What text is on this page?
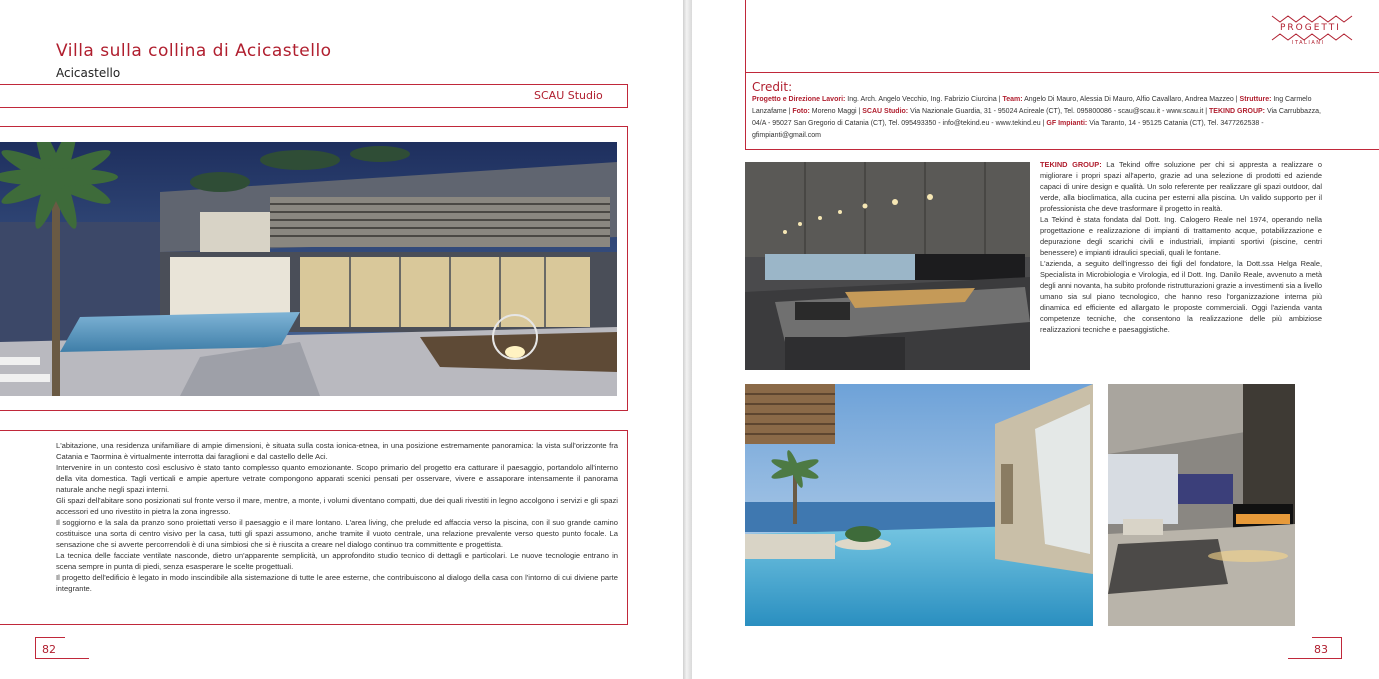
Villa sulla collina di Acicastello
Acicastello
SCAU Studio

L'abitazione, una residenza unifamiliare di ampie dimensioni, è situata sulla costa ionica-etnea, in una posizione estremamente panoramica: la vista sull'orizzonte fra Catania e Taormina è virtualmente interrotta dai faraglioni e dal castello delle Aci.

Intervenire in un contesto così esclusivo è stato tanto complesso quanto emozionante. Scopo primario del progetto era catturare il paesaggio, portandolo all'interno della vita domestica. Tagli verticali e ampie aperture vetrate compongono apparati scenici pensati per osservare, vivere e assaporare intensamente il panorama naturale anche negli spazi interni.

Gli spazi dell'abitare sono posizionati sul fronte verso il mare, mentre, a monte, i volumi diventano compatti, due dei quali rivestiti in legno accolgono i servizi e gli spazi accessori ed uno rivestito in pietra la zona ingresso.

Il soggiorno e la sala da pranzo sono proiettati verso il paesaggio e il mare lontano. L'area living, che prelude ed affaccia verso la piscina, con il suo grande camino costituisce una sorta di centro visivo per la casa, tutti gli spazi assumono, anche tramite il vuoto centrale, una relazione prevalente verso questo punto focale. La sensazione che si avverte percorrendoli è di una simbiosi che si è riuscita a creare nel dialogo continuo tra committente e progettista.

La tecnica delle facciate ventilate nasconde, dietro un'apparente semplicità, un approfondito studio tecnico di dettagli e particolari. Le nuove tecnologie entrano in scena sempre in punta di piedi, senza esasperare le scelte progettuali.

Il progetto dell'edificio è legato in modo inscindibile alla sistemazione di tutte le aree esterne, che contribuiscono al dialogo della casa con l'intorno di cui diviene parte integrante.

82
PROGETTI
ITALIANI
Credit:
Progetto e Direzione Lavori: Ing. Arch. Angelo Vecchio, Ing. Fabrizio Ciurcina | Team: Angelo Di Mauro, Alessia Di Mauro, Alfio Cavallaro, Andrea Mazzeo | Strutture: Ing Carmelo Lanzafame | Foto: Moreno Maggi | SCAU Studio: Via Nazionale Guardia, 31 - 95024 Acireale (CT), Tel. 095800086 - scau@scau.it - www.scau.it | TEKIND GROUP: Via Carrubbazza, 04/A - 95027 San Gregorio di Catania (CT), Tel. 095493350 - info@tekind.eu - www.tekind.eu | GF Impianti: Via Taranto, 14 - 95125 Catania (CT), Tel. 3477262538 - gfimpianti@gmail.com

TEKIND GROUP: La Tekind offre soluzione per chi si appresta a realizzare o migliorare i propri spazi all'aperto, grazie ad una selezione di prodotti ed aziende capaci di unire design e qualità. Un solo referente per realizzare gli spazi outdoor, dal verde, alla bioclimatica, alla cucina per esterni alla piscina. Un valido supporto per il professionista che deve trasformare il progetto in realtà.

La Tekind è stata fondata dal Dott. Ing. Calogero Reale nel 1974, operando nella progettazione e realizzazione di impianti di trattamento acque, potabilizzazione e depurazione degli scarichi civili e industriali, impianti sportivi (piscine, centri benessere) e impianti idraulici speciali, quali le fontane.

L'azienda, a seguito dell'ingresso dei figli del fondatore, la Dott.ssa Helga Reale, Specialista in Microbiologia e Virologia, ed il Dott. Ing. Danilo Reale, avvenuto a metà degli anni novanta, ha subito profonde ristrutturazioni grazie a investimenti sia a livello umano sia sul piano tecnologico, che hanno reso l'organizzazione interna più dinamica ed efficiente ed allargato le proposte commerciali. Oggi l'azienda vanta competenze tecniche, che consentono la realizzazione delle più ambiziose realizzazioni tecniche e paesaggistiche.

83
